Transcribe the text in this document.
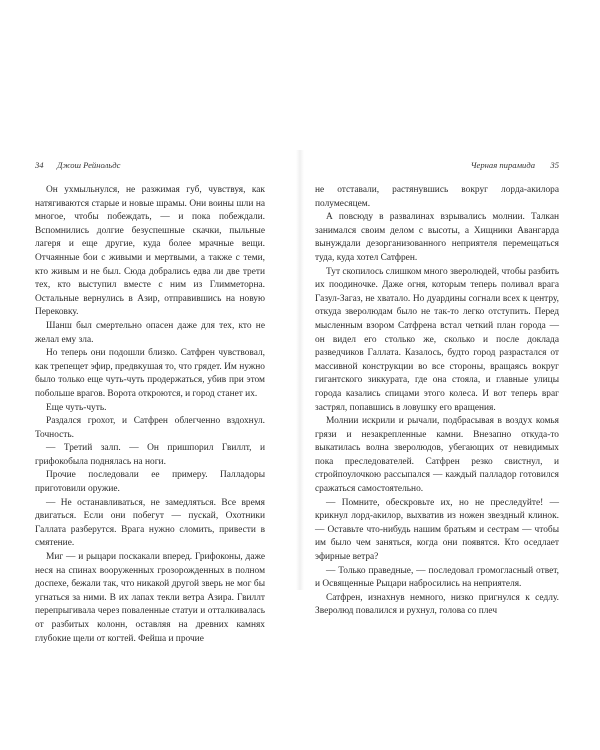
34 Джош Рейнольдс

Он ухмыльнулся, не разжимая губ, чувствуя, как натягиваются старые и новые шрамы. Они воины шли на многое, чтобы побеждать, — и пока побеждали. Вспомнились долгие безуспешные скачки, пыльные лагеря и еще другие, куда более мрачные вещи. Отчаянные бои с живыми и мертвыми, а также с теми, кто живым и не был. Сюда добрались едва ли две трети тех, кто выступил вместе с ним из Глимметорна. Остальные вернулись в Азир, отправившись на новую Перековку.

Шанш был смертельно опасен даже для тех, кто не желал ему зла.

Но теперь они подошли близко. Сатфрен чувствовал, как трепещет эфир, предвкушая то, что грядет. Им нужно было только еще чуть-чуть продержаться, убив при этом побольше врагов. Ворота откроются, и город станет их.

Еще чуть-чуть.

Раздался грохот, и Сатфрен облегченно вздохнул. Точность.

— Третий залп. — Он пришпорил Гвиллт, и грифокобыла поднялась на ноги.

Прочие последовали ее примеру. Палладоры приготовили оружие.

— Не останавливаться, не замедляться. Все время двигаться. Если они побегут — пускай, Охотники Галлата разберутся. Врага нужно сломить, привести в смятение.

Миг — и рыцари поскакали вперед. Грифоконы, даже неся на спинах вооруженных грозорожденных в полном доспехе, бежали так, что никакой другой зверь не мог бы угнаться за ними. В их лапах текли ветра Азира. Гвиллт перепрыгивала через поваленные статуи и отталкивалась от разбитых колонн, оставляя на древних камнях глубокие щели от когтей. Фейша и прочие

Черная пирамида 35

не отставали, растянувшись вокруг лорда-акилора полумесяцем.

А повсюду в развалинах взрывались молнии. Талкан занимался своим делом с высоты, а Хищники Авангарда вынуждали дезорганизованного неприятеля перемещаться туда, куда хотел Сатфрен.

Тут скопилось слишком много зверолюдей, чтобы разбить их поодиночке. Даже огня, которым теперь поливал врага Газул-Загаз, не хватало. Но дуардины согнали всех к центру, откуда зверолюдам было не так-то легко отступить. Перед мысленным взором Сатфрена встал четкий план города — он видел его столько же, сколько и после доклада разведчиков Галлата. Казалось, будто город разрастался от массивной конструкции во все стороны, вращаясь вокруг гигантского зиккурата, где она стояла, и главные улицы города казались спицами этого колеса. И вот теперь враг застрял, попавшись в ловушку его вращения.

Молнии искрили и рычали, подбрасывая в воздух комья грязи и незакрепленные камни. Внезапно откуда-то выкатилась волна зверолюдов, убегающих от невидимых пока преследователей. Сатфрен резко свистнул, и стройпоулочкою рассыпался — каждый палладор готовился сражаться самостоятельно.

— Помните, обескровьте их, но не преследуйте! — крикнул лорд-акилор, выхватив из ножен звездный клинок. — Оставьте что-нибудь нашим братьям и сестрам — чтобы им было чем заняться, когда они появятся. Кто оседлает эфирные ветра?

— Только праведные, — последовал громогласный ответ, и Освященные Рыцари набросились на неприятеля.

Сатфрен, изнахнув немного, низко пригнулся к седлу. Зверолюд повалился и рухнул, голова со плеч
